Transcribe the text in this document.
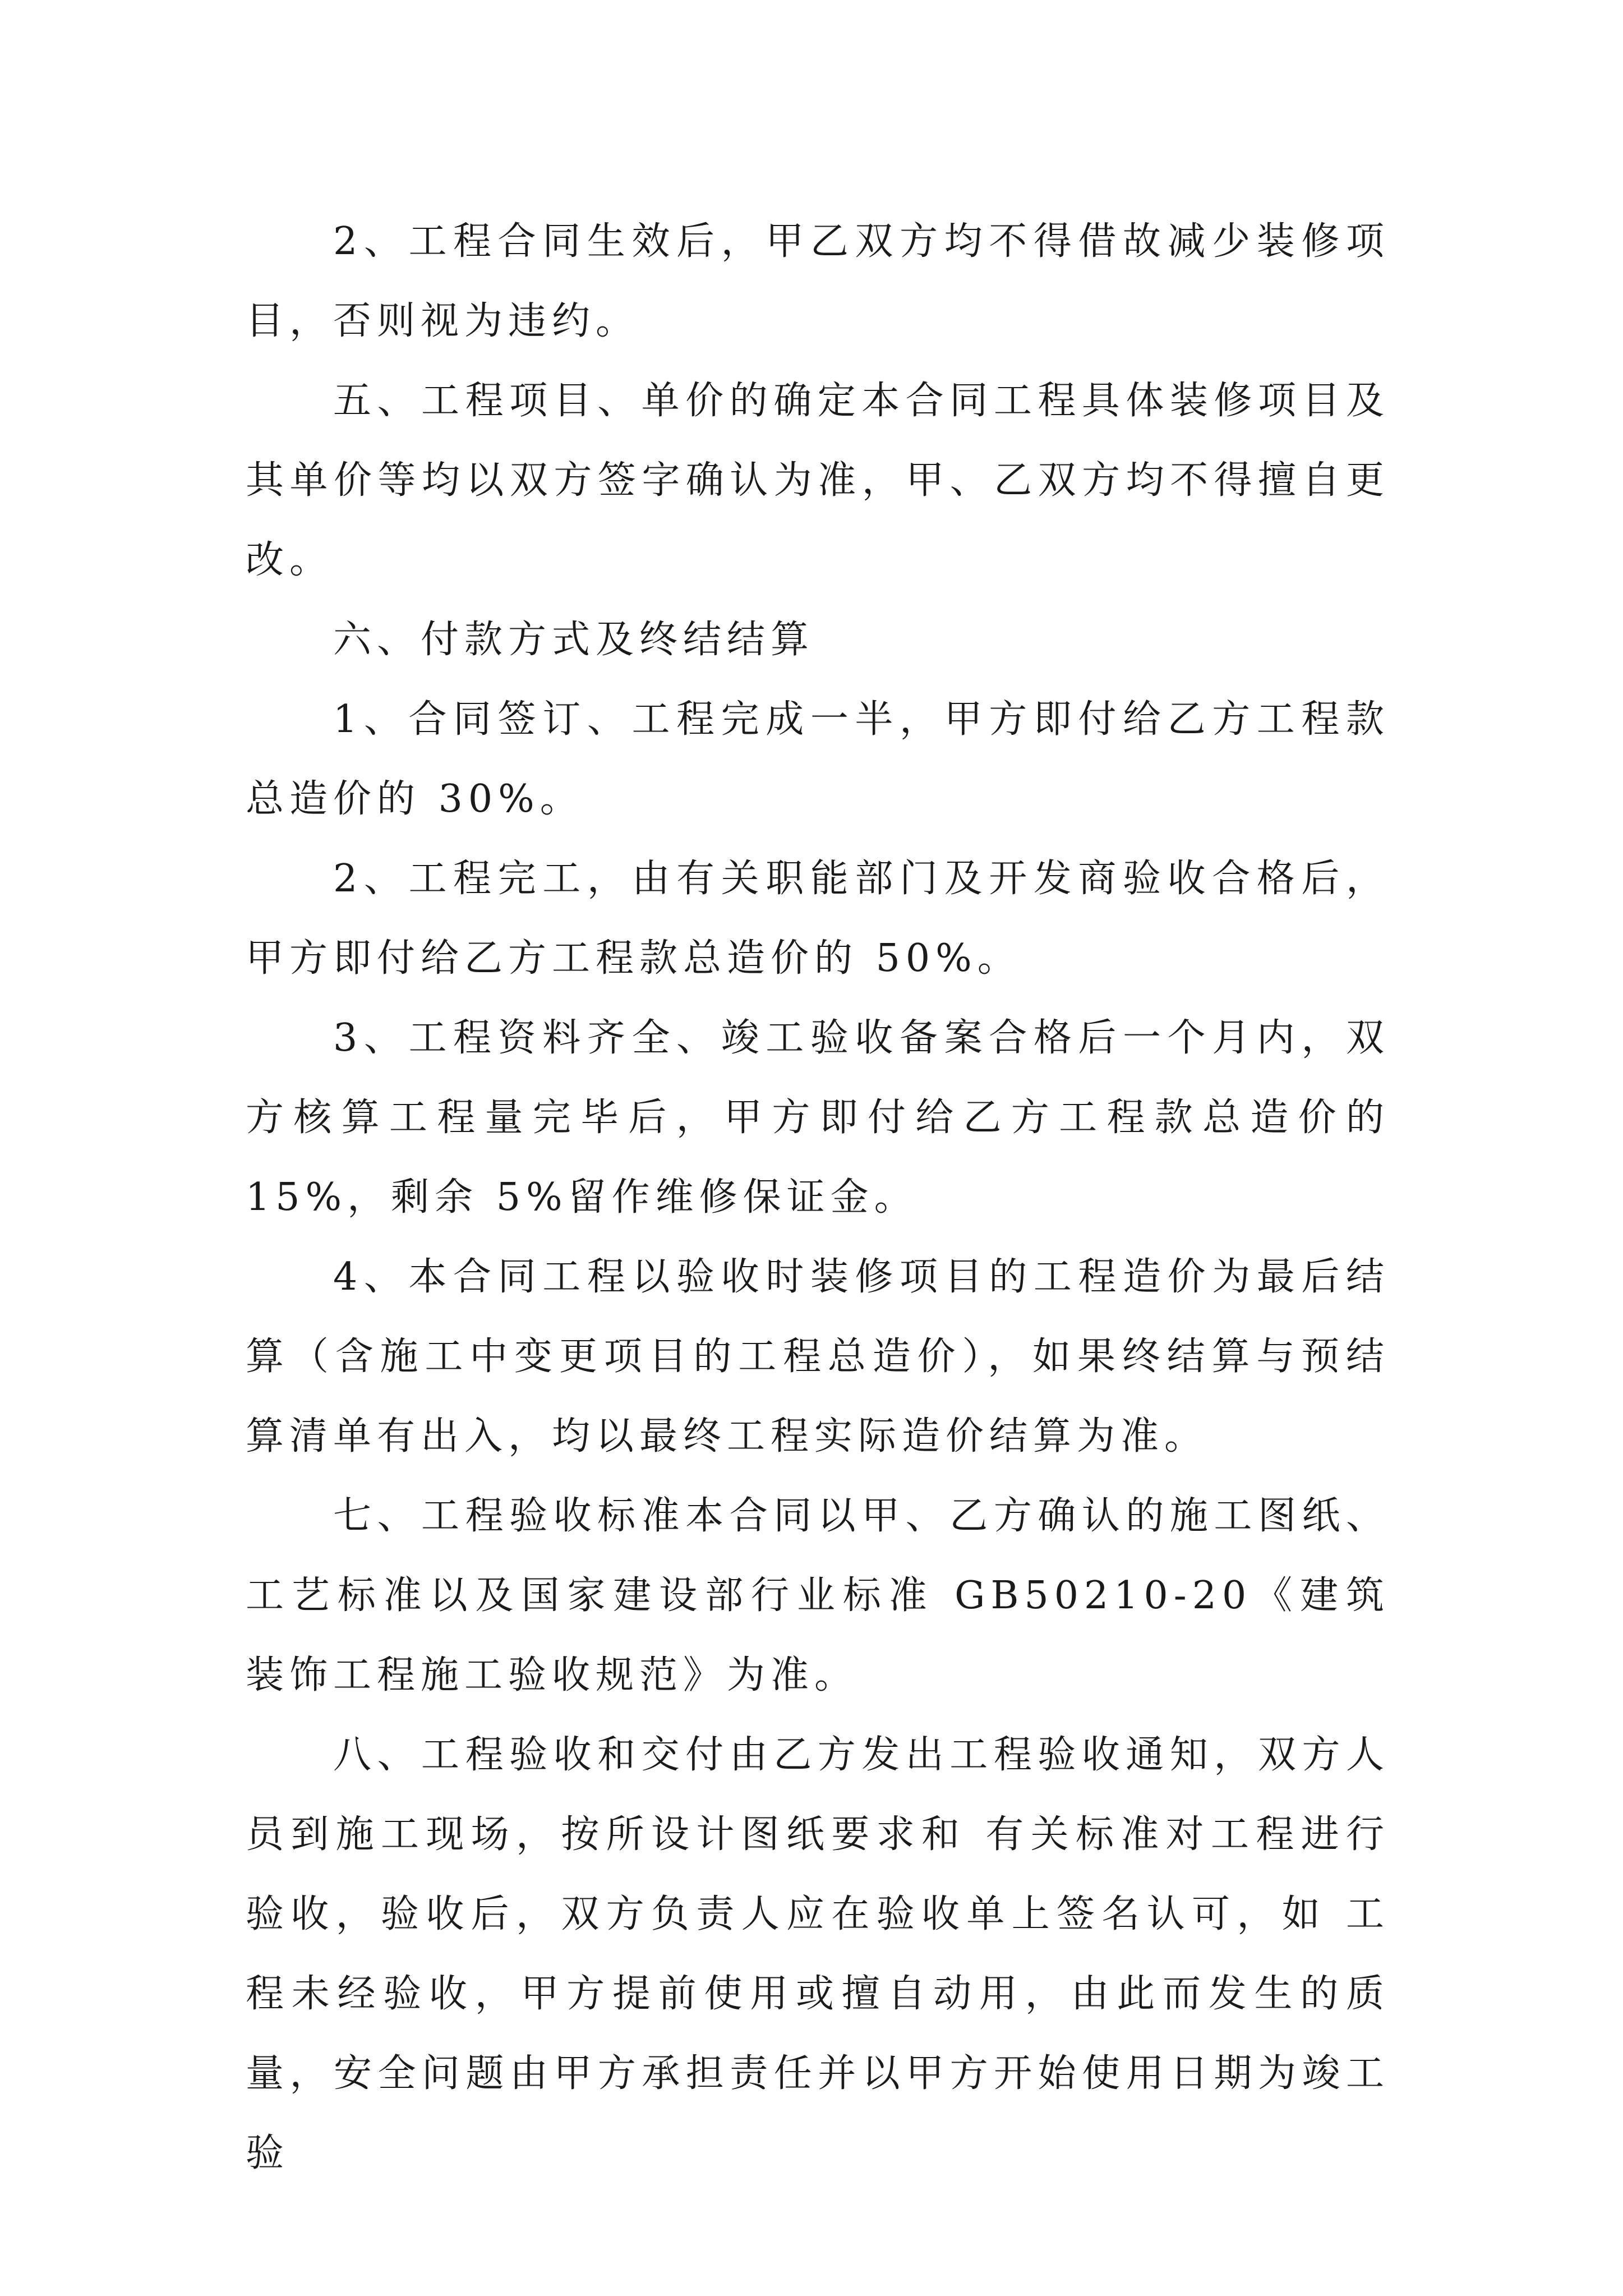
2、工程合同生效后，甲乙双方均不得借故减少装修项目，否则视为违约。

五、工程项目、单价的确定本合同工程具体装修项目及其单价等均以双方签字确认为准，甲、乙双方均不得擅自更改。

六、付款方式及终结结算

1、合同签订、工程完成一半，甲方即付给乙方工程款总造价的 30%。

2、工程完工，由有关职能部门及开发商验收合格后，甲方即付给乙方工程款总造价的 50%。

3、工程资料齐全、竣工验收备案合格后一个月内，双方核算工程量完毕后，甲方即付给乙方工程款总造价的 15%，剩余 5%留作维修保证金。

4、本合同工程以验收时装修项目的工程造价为最后结算（含施工中变更项目的工程总造价），如果终结算与预结算清单有出入，均以最终工程实际造价结算为准。

七、工程验收标准本合同以甲、乙方确认的施工图纸、工艺标准以及国家建设部行业标准 GB50210-20《建筑装饰工程施工验收规范》为准。

八、工程验收和交付由乙方发出工程验收通知，双方人员到施工现场，按所设计图纸要求和 有关标准对工程进行验收，验收后，双方负责人应在验收单上签名认可，如 工程未经验收，甲方提前使用或擅自动用，由此而发生的质量，安全问题由甲方承担责任并以甲方开始使用日期为竣工验
